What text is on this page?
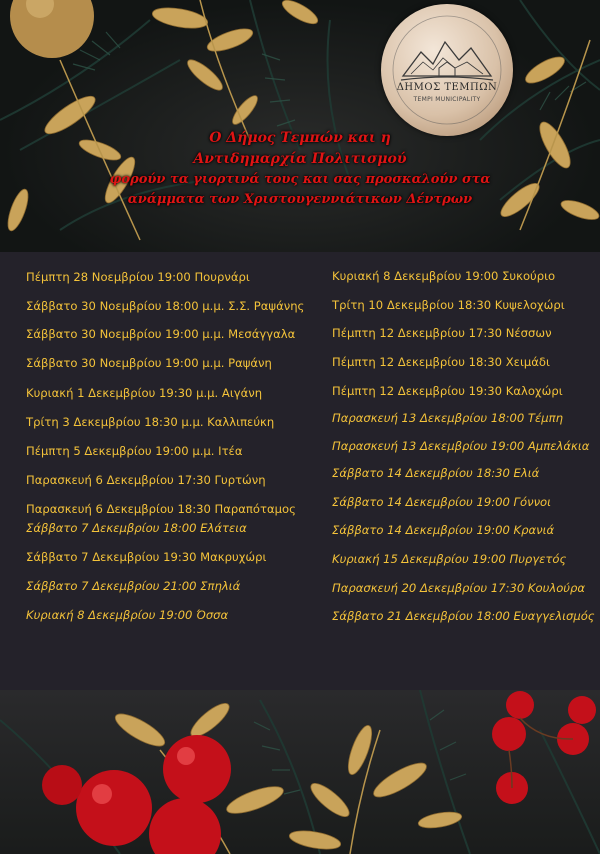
ΔΗΜΟΣ ΤΕΜΠΩΝ
TEMPI MUNICIPALITY
Ο Δήμος Τεμπών και η
Αντιδημαρχία Πολιτισμού
φορούν τα γιορτινά τους και σας προσκαλούν στα
ανάμματα των Χριστουγεννιάτικων Δέντρων
Πέμπτη 28 Νοεμβρίου 19:00 Πουρνάρι
Σάββατο 30 Νοεμβρίου 18:00 μ.μ. Σ.Σ. Ραψάνης
Σάββατο 30 Νοεμβρίου 19:00 μ.μ. Μεσάγγαλα
Σάββατο 30 Νοεμβρίου 19:00 μ.μ. Ραψάνη
Κυριακή 1 Δεκεμβρίου 19:30 μ.μ. Αιγάνη
Τρίτη 3 Δεκεμβρίου 18:30 μ.μ. Καλλιπεύκη
Πέμπτη 5 Δεκεμβρίου 19:00 μ.μ. Ιτέα
Παρασκευή 6 Δεκεμβρίου 17:30 Γυρτώνη
Παρασκευή 6 Δεκεμβρίου 18:30 Παραπόταμος
Σάββατο 7 Δεκεμβρίου 18:00 Ελάτεια
Σάββατο 7 Δεκεμβρίου 19:30 Μακρυχώρι
Σάββατο 7 Δεκεμβρίου 21:00 Σπηλιά
Κυριακή 8 Δεκεμβρίου 19:00 Όσσα
Κυριακή 8 Δεκεμβρίου 19:00 Συκούριο
Τρίτη 10 Δεκεμβρίου 18:30 Κυψελοχώρι
Πέμπτη 12 Δεκεμβρίου 17:30 Νέσσων
Πέμπτη 12 Δεκεμβρίου 18:30 Χειμάδι
Πέμπτη 12 Δεκεμβρίου 19:30 Καλοχώρι
Παρασκευή 13 Δεκεμβρίου 18:00 Τέμπη
Παρασκευή 13 Δεκεμβρίου 19:00 Αμπελάκια
Σάββατο 14 Δεκεμβρίου 18:30 Ελιά
Σάββατο 14 Δεκεμβρίου 19:00 Γόννοι
Σάββατο 14 Δεκεμβρίου 19:00 Κρανιά
Κυριακή 15 Δεκεμβρίου 19:00 Πυργετός
Παρασκευή 20 Δεκεμβρίου 17:30 Κουλούρα
Σάββατο 21 Δεκεμβρίου 18:00 Ευαγγελισμός
